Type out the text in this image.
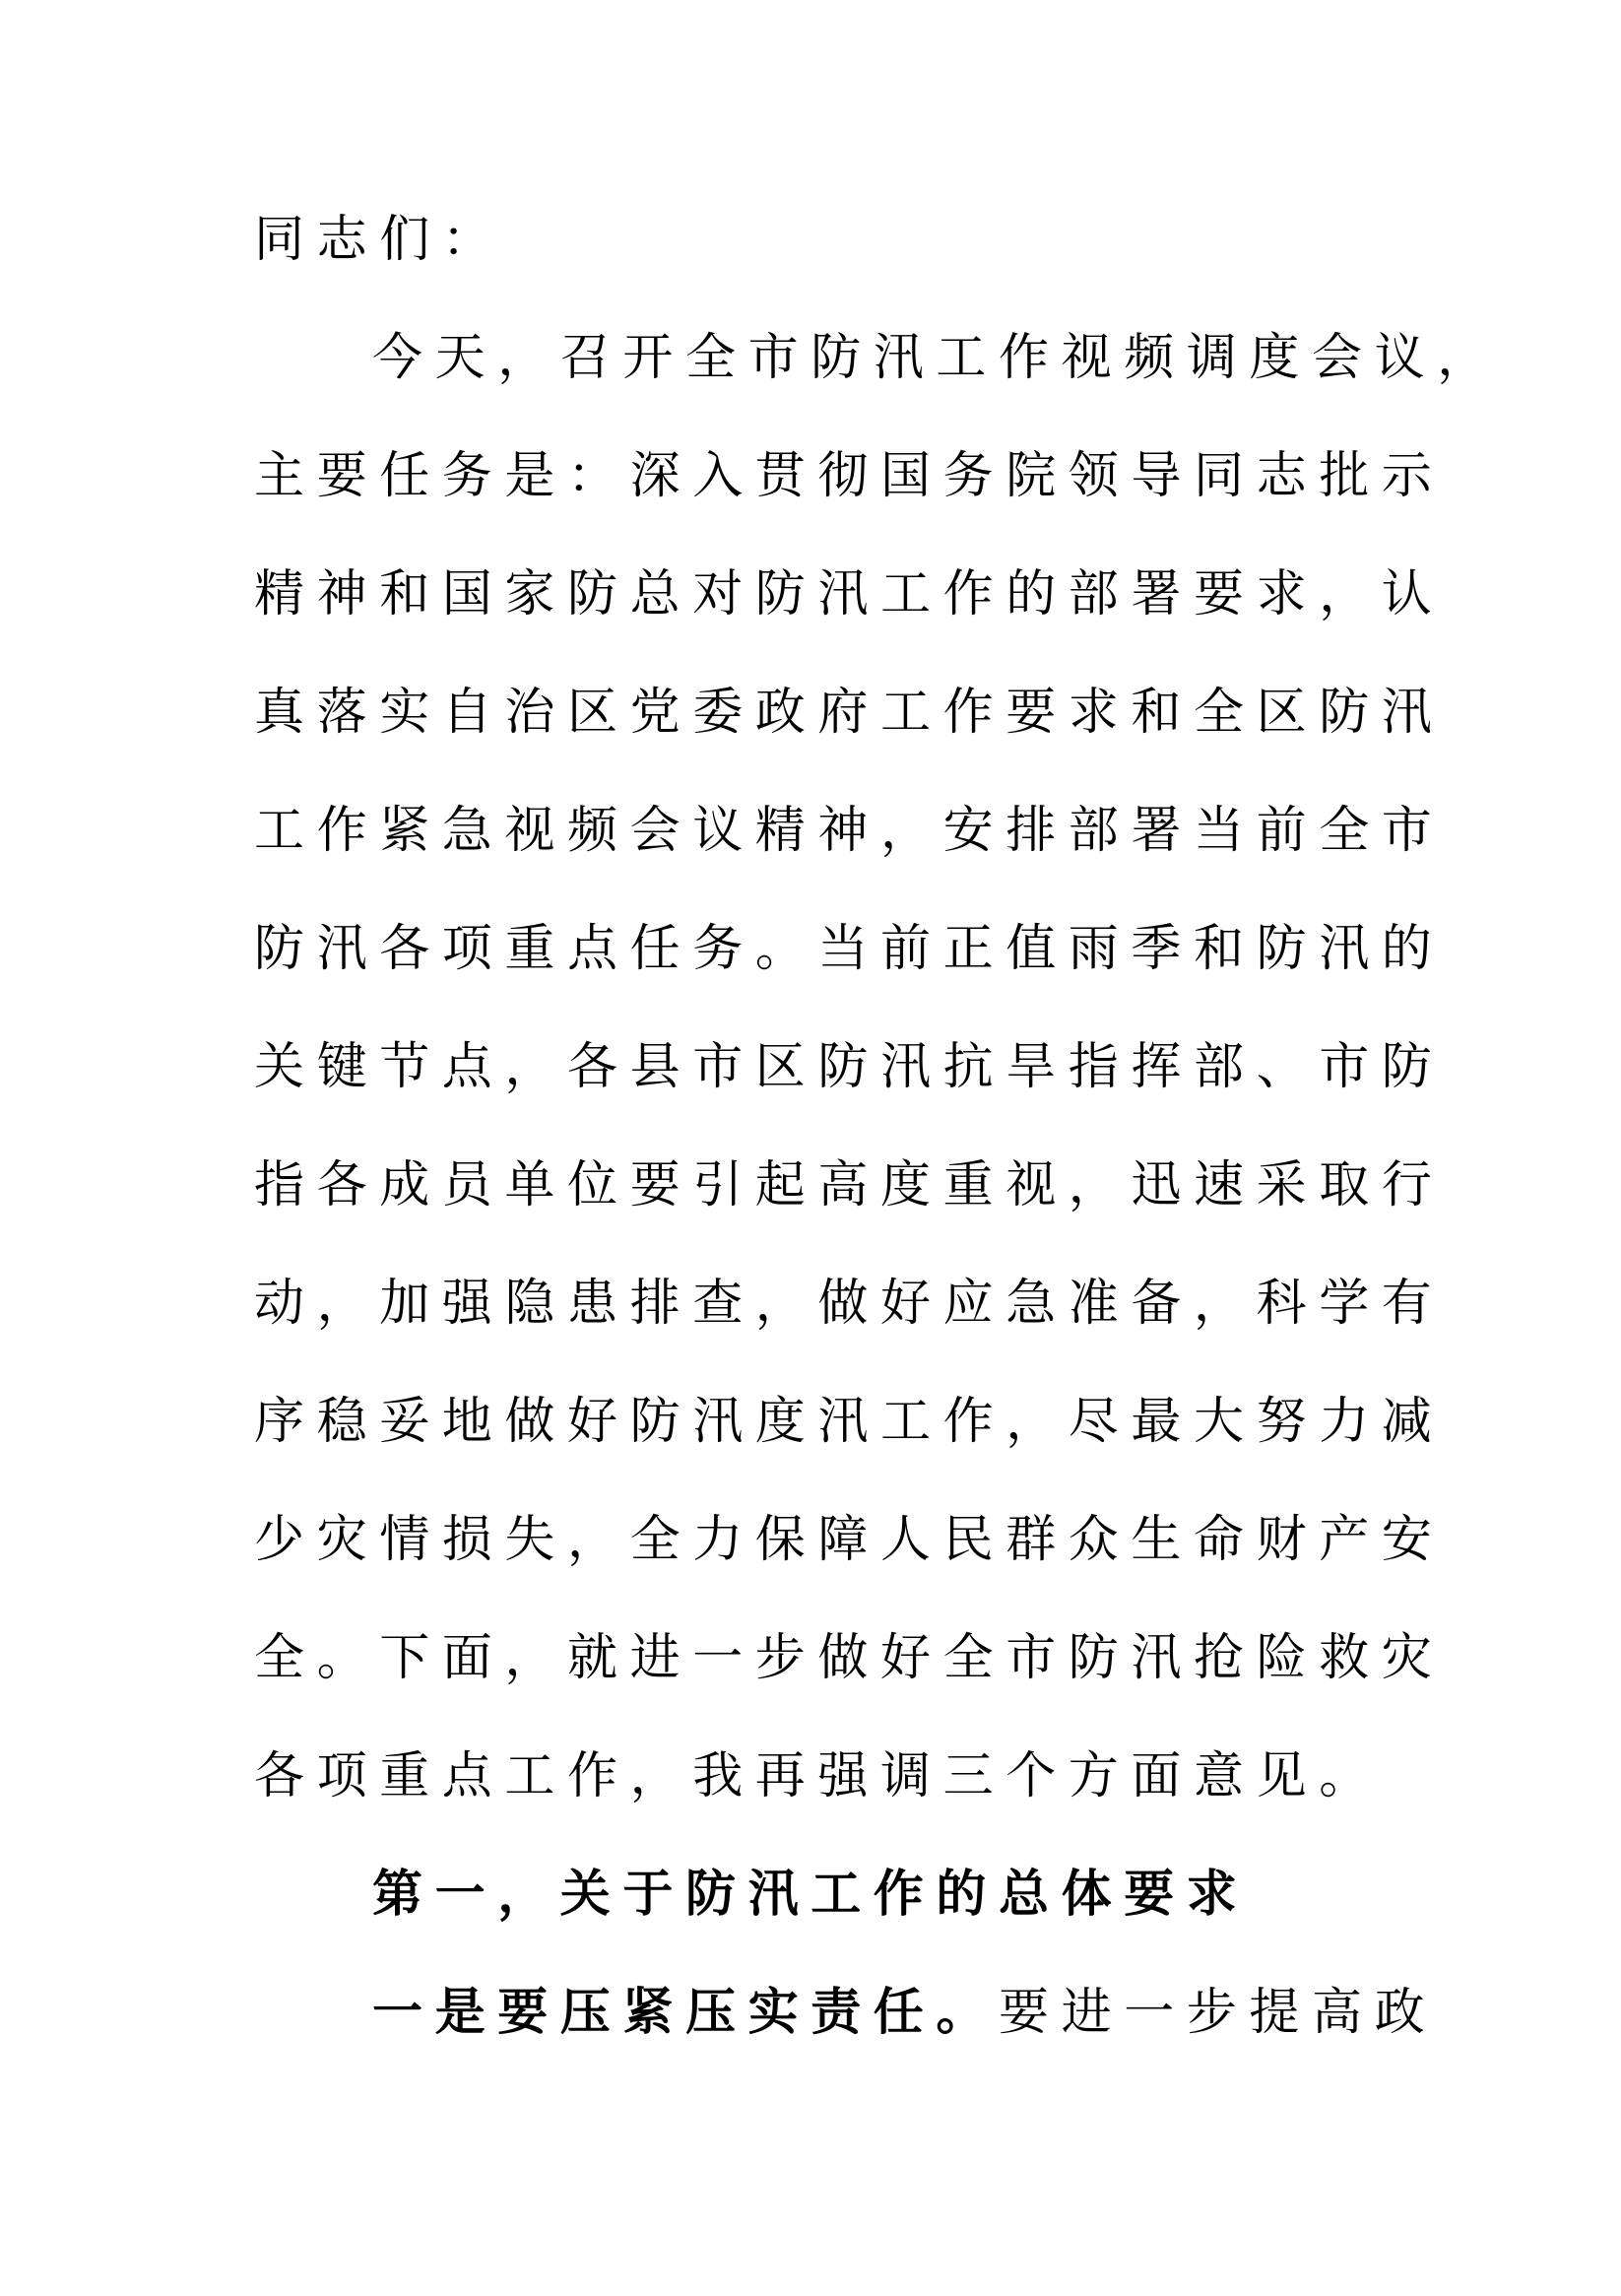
同志们：
今天，召开全市防汛工作视频调度会议，
主要任务是：深入贯彻国务院领导同志批示
精神和国家防总对防汛工作的部署要求，认
真落实自治区党委政府工作要求和全区防汛
工作紧急视频会议精神，安排部署当前全市
防汛各项重点任务。当前正值雨季和防汛的
关键节点，各县市区防汛抗旱指挥部、市防
指各成员单位要引起高度重视，迅速采取行
动，加强隐患排查，做好应急准备，科学有
序稳妥地做好防汛度汛工作，尽最大努力减
少灾情损失，全力保障人民群众生命财产安
全。下面，就进一步做好全市防汛抢险救灾
各项重点工作，我再强调三个方面意见。
第一，关于防汛工作的总体要求
一是要压紧压实责任。要进一步提高政
